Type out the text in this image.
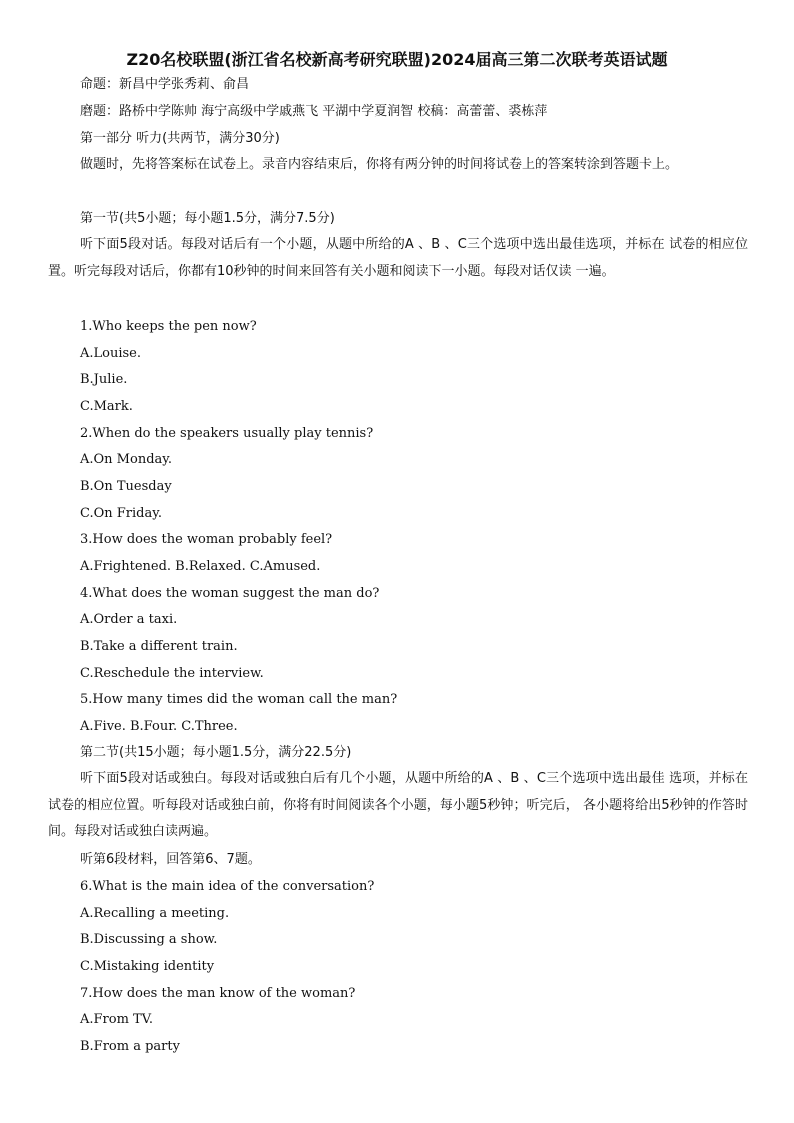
Z20名校联盟(浙江省名校新高考研究联盟)2024届高三第二次联考英语试题
命题：新昌中学张秀莉、俞昌
磨题：路桥中学陈帅 海宁高级中学戚燕飞 平湖中学夏润智 校稿：高蕾蕾、裘栋萍
第一部分 听力(共两节，满分30分)
做题时，先将答案标在试卷上。录音内容结束后，你将有两分钟的时间将试卷上的答案转涂到答题卡上。
第一节(共5小题；每小题1.5分，满分7.5分)
听下面5段对话。每段对话后有一个小题，从题中所给的A 、B 、C三个选项中选出最佳选项，并标在 试卷的相应位置。听完每段对话后，你都有10秒钟的时间来回答有关小题和阅读下一小题。每段对话仅读 一遍。
1.Who keeps the pen now?
A.Louise.
B.Julie.
C.Mark.
2.When do the speakers usually play tennis?
A.On Monday.
B.On Tuesday
C.On Friday.
3.How does the woman probably feel?
A.Frightened. B.Relaxed. C.Amused.
4.What does the woman suggest the man do?
A.Order a taxi.
B.Take a different train.
C.Reschedule the interview.
5.How many times did the woman call the man?
A.Five. B.Four. C.Three.
第二节(共15小题；每小题1.5分，满分22.5分)
听下面5段对话或独白。每段对话或独白后有几个小题，从题中所给的A 、B 、C三个选项中选出最佳 选项，并标在试卷的相应位置。听每段对话或独白前，你将有时间阅读各个小题，每小题5秒钟；听完后， 各小题将给出5秒钟的作答时间。每段对话或独白读两遍。
听第6段材料，回答第6、7题。
6.What is the main idea of the conversation?
A.Recalling a meeting.
B.Discussing a show.
C.Mistaking identity
7.How does the man know of the woman?
A.From TV.
B.From a party
